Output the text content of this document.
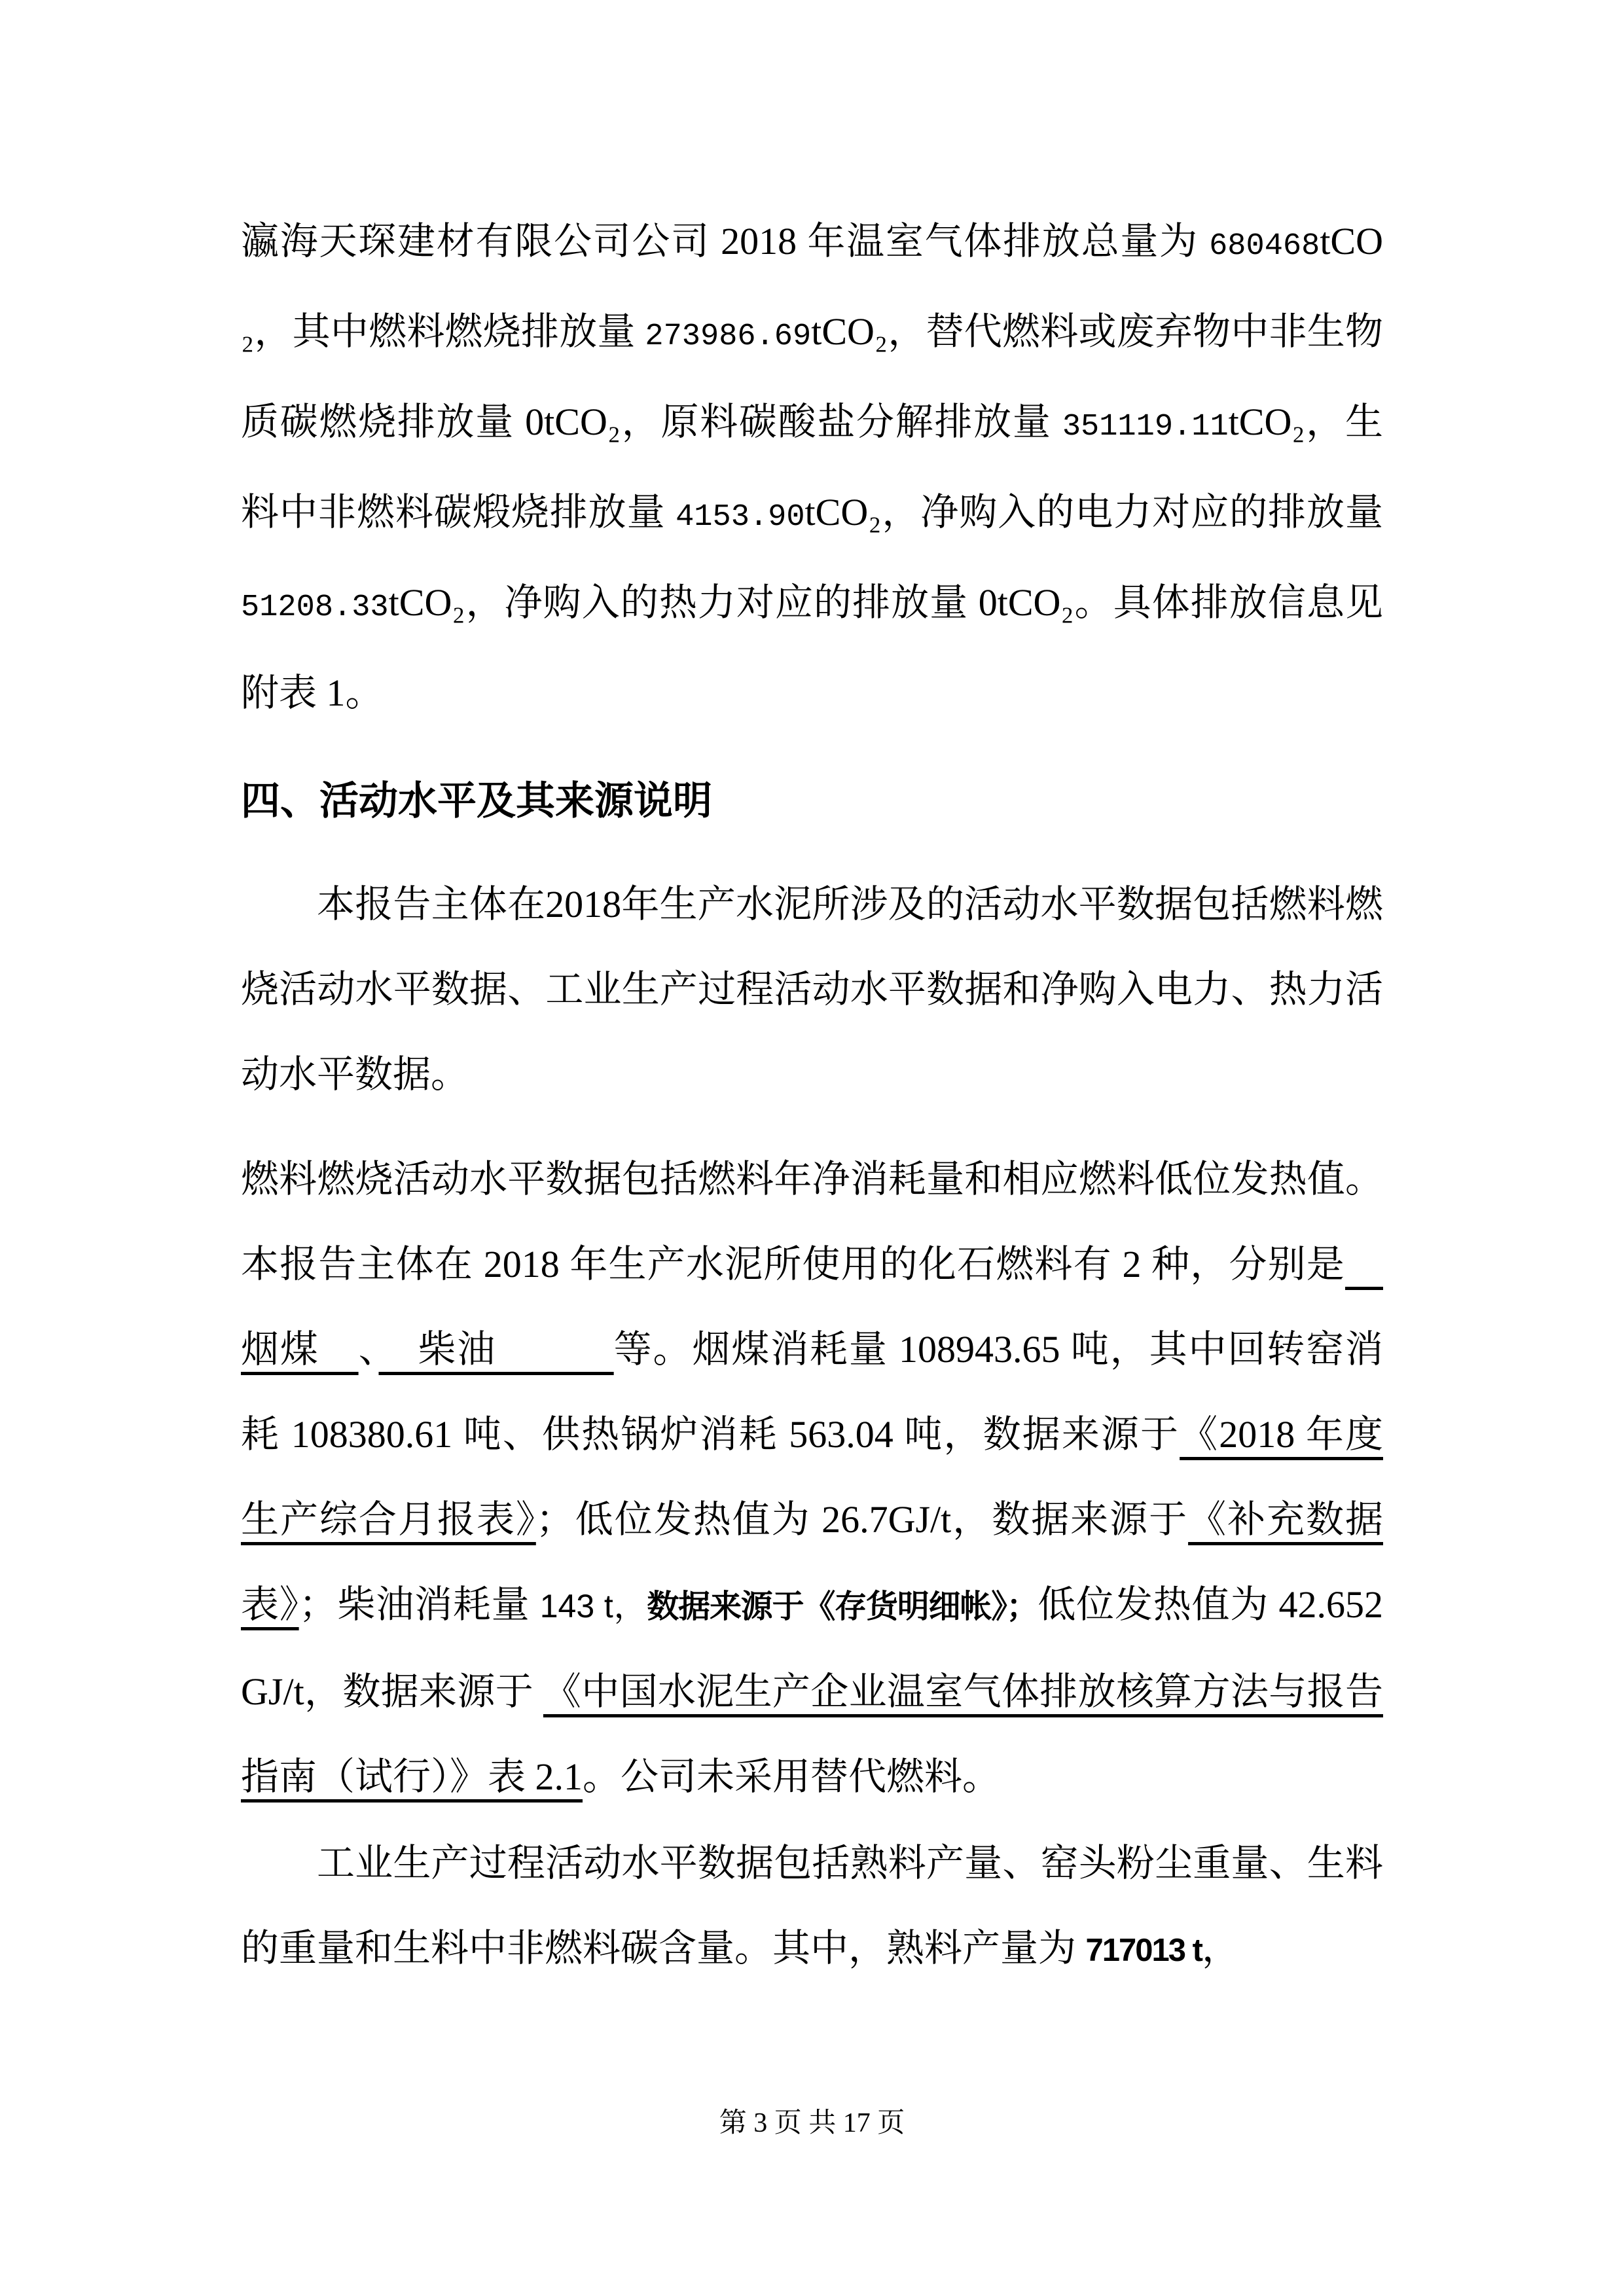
瀛海天琛建材有限公司公司 2018 年温室气体排放总量为 680468tCO₂，其中燃料燃烧排放量 273986.69tCO₂，替代燃料或废弃物中非生物质碳燃烧排放量 0tCO₂，原料碳酸盐分解排放量 351119.11tCO₂，生料中非燃料碳煅烧排放量 4153.90tCO₂，净购入的电力对应的排放量 51208.33tCO₂，净购入的热力对应的排放量 0tCO₂。具体排放信息见附表 1。

四、活动水平及其来源说明

本报告主体在2018年生产水泥所涉及的活动水平数据包括燃料燃烧活动水平数据、工业生产过程活动水平数据和净购入电力、热力活动水平数据。

燃料燃烧活动水平数据包括燃料年净消耗量和相应燃料低位发热值。本报告主体在 2018 年生产水泥所使用的化石燃料有 2 种，分别是　烟煤　、　柴油　　　等。烟煤消耗量 108943.65 吨，其中回转窑消耗 108380.61 吨、供热锅炉消耗 563.04 吨，数据来源于《2018 年度生产综合月报表》；低位发热值为 26.7GJ/t，数据来源于《补充数据表》；柴油消耗量 143 t，数据来源于《存货明细帐》；低位发热值为 42.652 GJ/t，数据来源于 《中国水泥生产企业温室气体排放核算方法与报告指南（试行）》表 2.1。公司未采用替代燃料。

工业生产过程活动水平数据包括熟料产量、窑头粉尘重量、生料的重量和生料中非燃料碳含量。其中，熟料产量为 717013 t，

第 3 页 共 17 页
